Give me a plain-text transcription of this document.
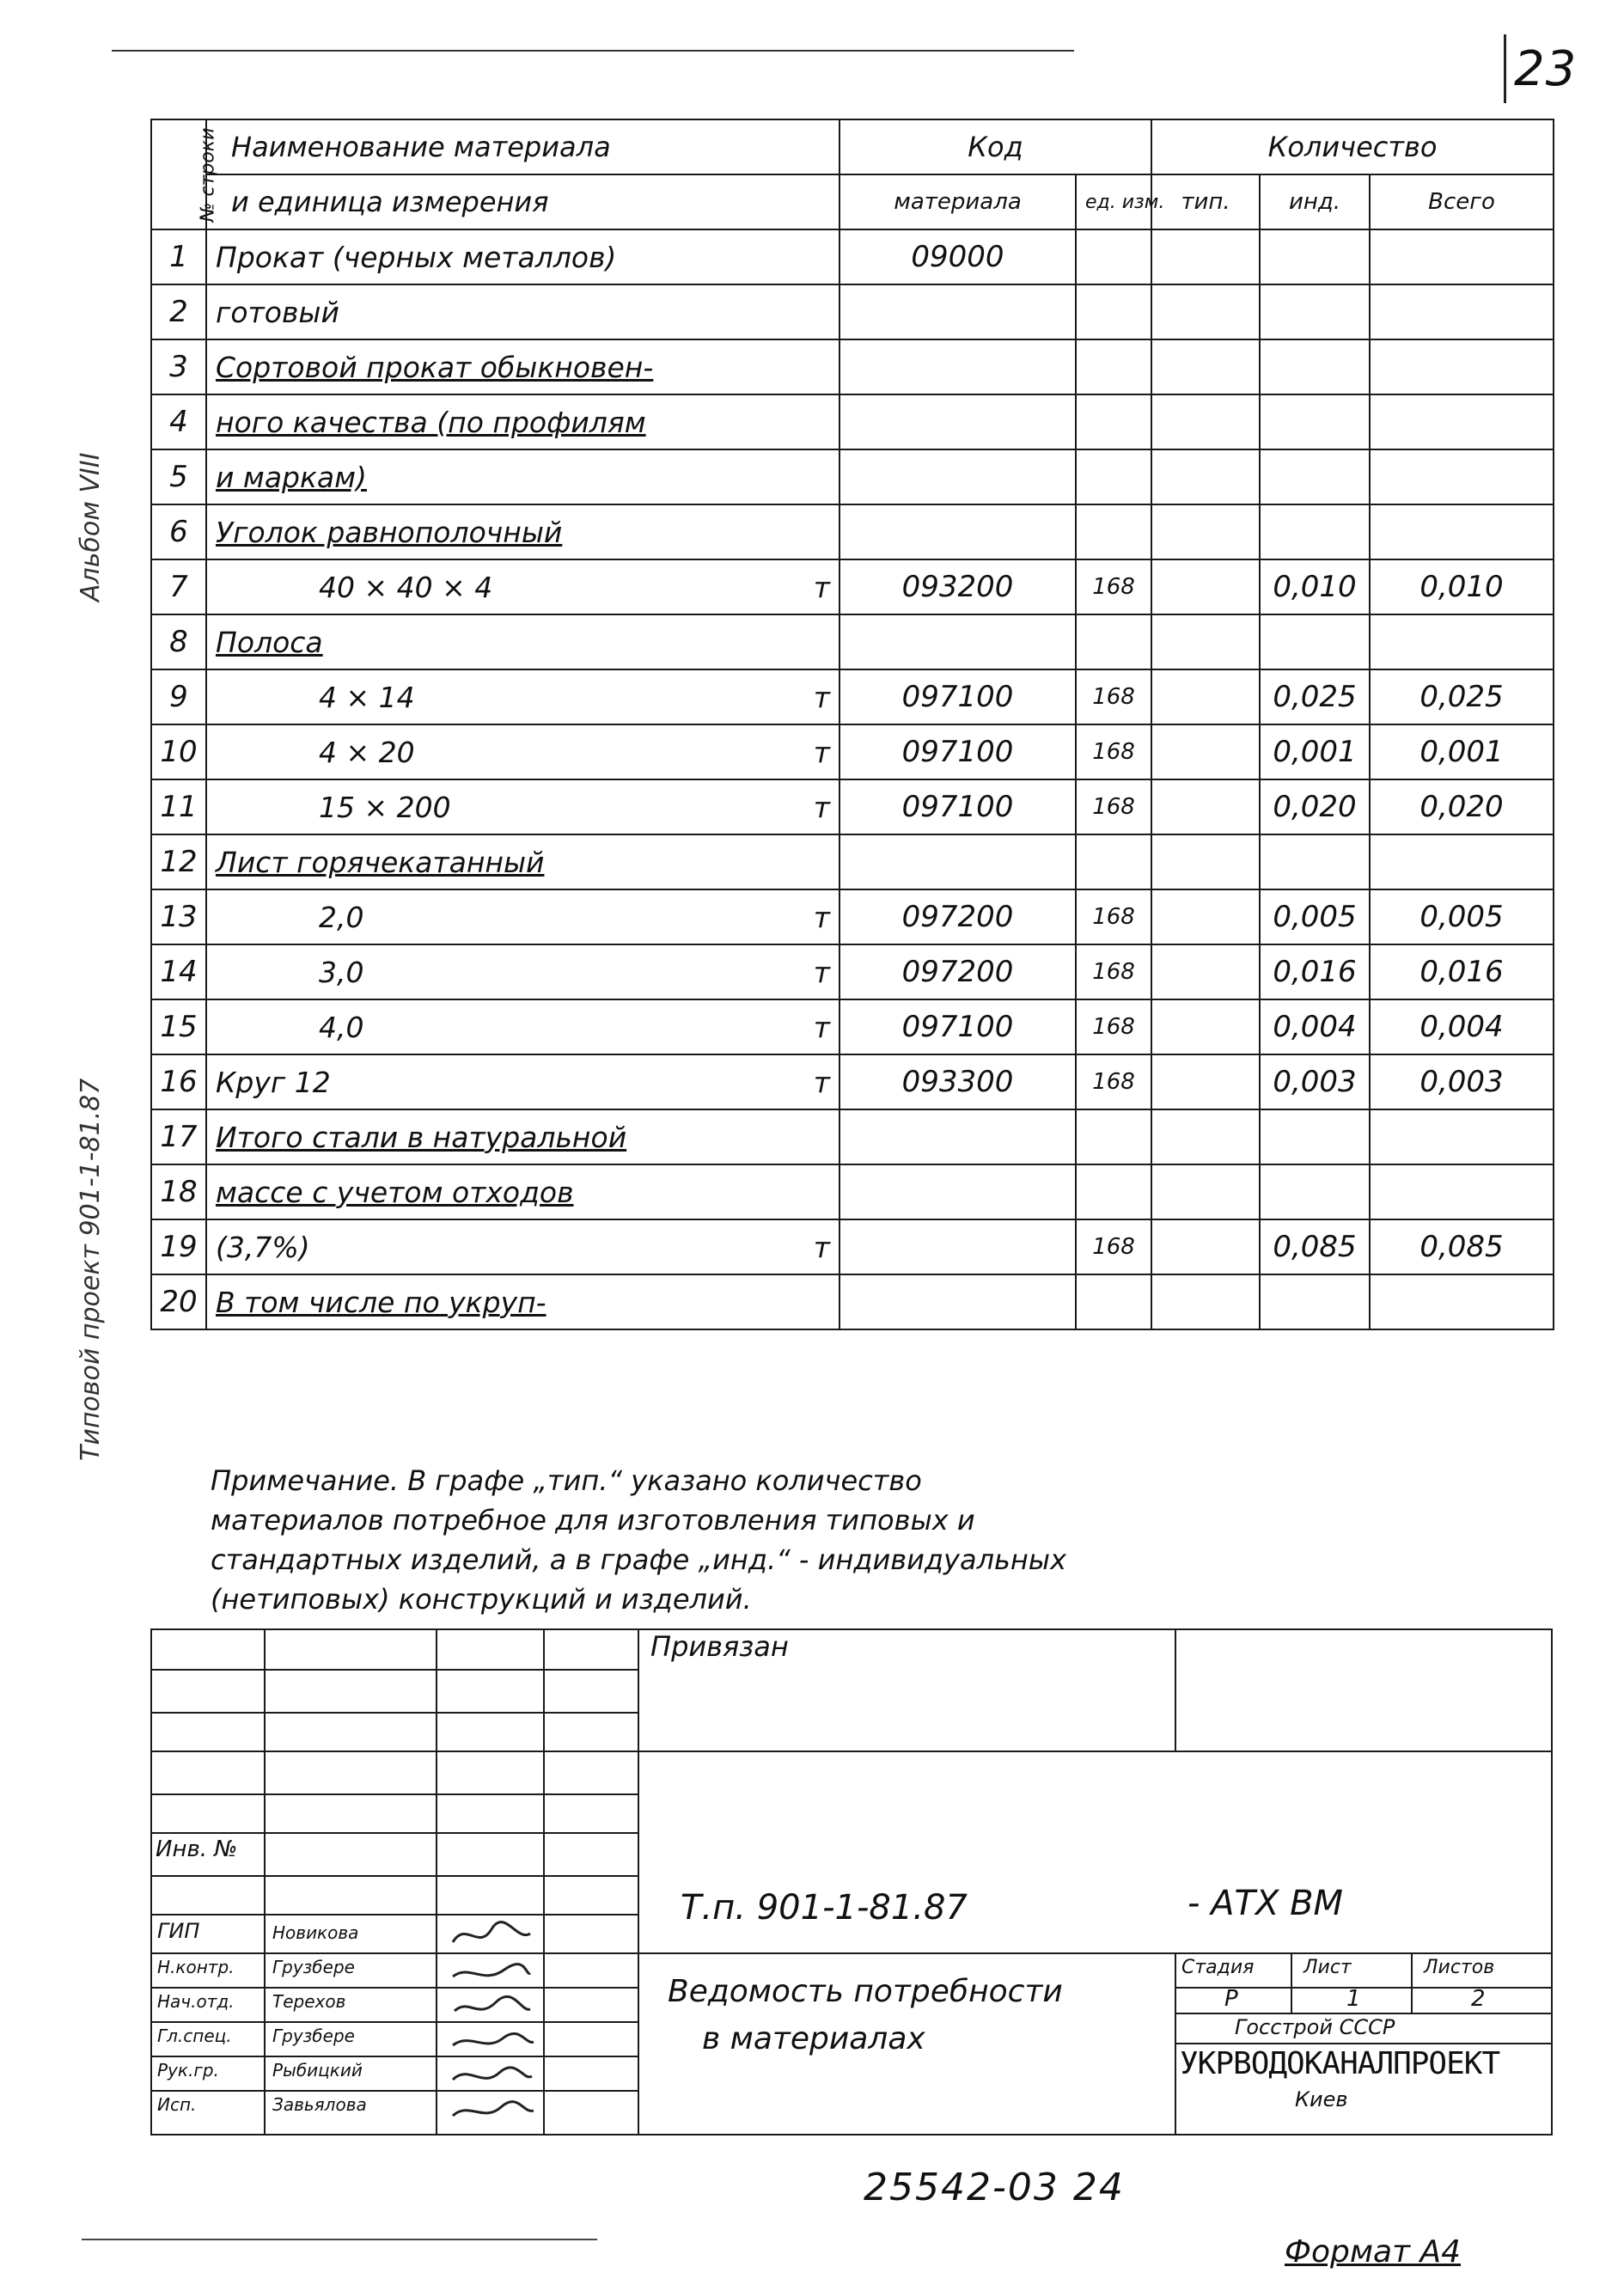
23
Альбом VIII
Типовой проект 901-1-81.87
№ строки	Наименование материала	Код		Количество		
	и единица измерения	материала	ед. изм.	тип.	инд.	Всего
1	Прокат (черных металлов)	09000				
2	готовый					

3	Сортовой прокат обыкновен-					

4	ного качества (по профилям					

5	и маркам)					

6	Уголок равнополочный					

7	40 × 40 × 4 т	093200	168		0,010	0,010
8	Полоса					

9	4 × 14 т	097100	168		0,025	0,025
10	4 × 20 т	097100	168		0,001	0,001
11	15 × 200 т	097100	168		0,020	0,020
12	Лист горячекатанный					

13	2,0 т	097200	168		0,005	0,005
14	3,0 т	097200	168		0,016	0,016
15	4,0 т	097100	168		0,004	0,004
16	Круг 12 т	093300	168		0,003	0,003
17	Итого стали в натуральной					

18	массе с учетом отходов					

19	(3,7%) т		168		0,085	0,085
20	В том числе по укруп-					

Примечание. В графе „тип.“ указано количество
материалов потребное для изготовления типовых и
стандартных изделий, а в графе „инд.“ - индивидуальных
(нетиповых) конструкций и изделий.
Привязан
Инв. №
Т.п. 901-1-81.87	- АТХ ВМ
Ведомость потребности
в материалах
Стадия	Лист	Листов
Р	1	2
Госстрой СССР
УКРВОДОКАНАЛПРОЕКТ
Киев
ГИП	Новикова
Н.контр. Грузбере
Нач.отд. Терехов
Гл.спец. Грузбере
Рук.гр.	Рыбицкий
Исп.	Завьялова
25542-03 24
Формат А4
